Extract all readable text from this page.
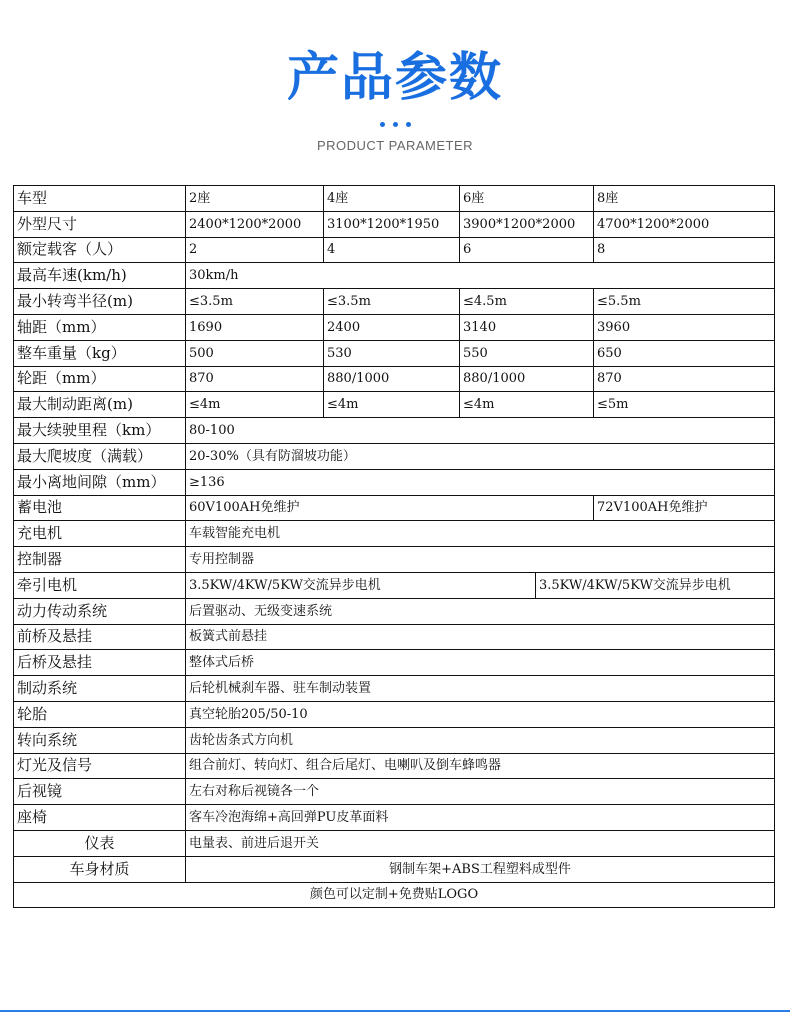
产品参数
PRODUCT PARAMETER
车型	2座	4座	6座		8座
外型尺寸	2400*1200*2000	3100*1200*1950	3900*1200*2000		4700*1200*2000
额定载客（人）	2	4	6		8
最高车速(km/h)	30km/h				
最小转弯半径(m)	≤3.5m	≤3.5m	≤4.5m		≤5.5m
轴距（mm）	1690	2400	3140		3960
整车重量（kg）	500	530	550		650
轮距（mm）	870	880/1000	880/1000		870
最大制动距离(m)	≤4m	≤4m	≤4m		≤5m
最大续驶里程（km）	80-100				
最大爬坡度（满载）	20-30%（具有防溜坡功能）				
最小离地间隙（mm）	≥136				
蓄电池	60V100AH免维护				72V100AH免维护
充电机	车载智能充电机				
控制器	专用控制器				
牵引电机	3.5KW/4KW/5KW交流异步电机			3.5KW/4KW/5KW交流异步电机	
动力传动系统	后置驱动、无级变速系统				
前桥及悬挂	板簧式前悬挂				
后桥及悬挂	整体式后桥				
制动系统	后轮机械刹车器、驻车制动装置				
轮胎	真空轮胎205/50-10				
转向系统	齿轮齿条式方向机				
灯光及信号	组合前灯、转向灯、组合后尾灯、电喇叭及倒车蜂鸣器				
后视镜	左右对称后视镜各一个				
座椅	客车冷泡海绵+高回弹PU皮革面料				
仪表	电量表、前进后退开关				
车身材质	钢制车架+ABS工程塑料成型件				
颜色可以定制+免费贴LOGO					
